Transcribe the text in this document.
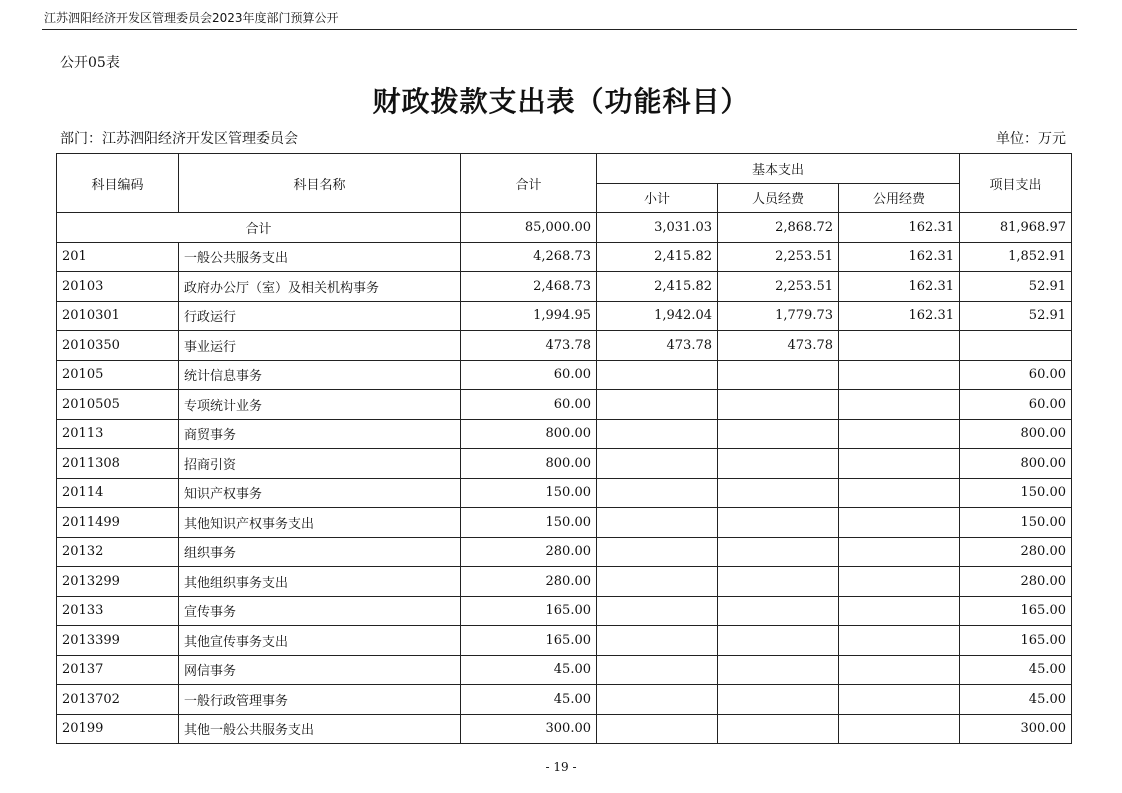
江苏泗阳经济开发区管理委员会2023年度部门预算公开
公开05表
财政拨款支出表（功能科目）
部门：江苏泗阳经济开发区管理委员会	单位：万元
科目编码	科目名称	合计	基本支出			项目支出
			小计	人员经费	公用经费	
合计		85,000.00	3,031.03	2,868.72	162.31	81,968.97
201	一般公共服务支出	4,268.73	2,415.82	2,253.51	162.31	1,852.91
20103	政府办公厅（室）及相关机构事务	2,468.73	2,415.82	2,253.51	162.31	52.91
2010301	行政运行	1,994.95	1,942.04	1,779.73	162.31	52.91
2010350	事业运行	473.78	473.78	473.78		
20105	统计信息事务	60.00				60.00
2010505	专项统计业务	60.00				60.00
20113	商贸事务	800.00				800.00
2011308	招商引资	800.00				800.00
20114	知识产权事务	150.00				150.00
2011499	其他知识产权事务支出	150.00				150.00
20132	组织事务	280.00				280.00
2013299	其他组织事务支出	280.00				280.00
20133	宣传事务	165.00				165.00
2013399	其他宣传事务支出	165.00				165.00
20137	网信事务	45.00				45.00
2013702	一般行政管理事务	45.00				45.00
20199	其他一般公共服务支出	300.00				300.00
- 19 -
